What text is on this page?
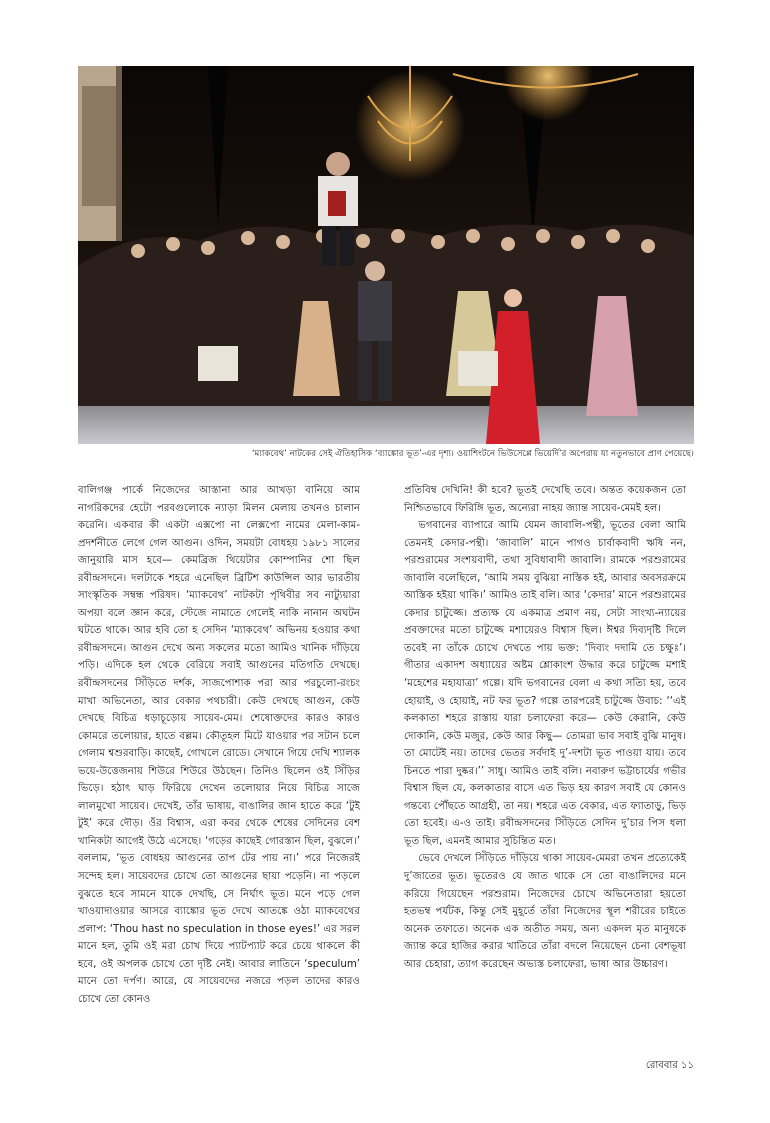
‘ম্যাকবেথ’ নাটকের সেই ঐতিহাসিক ‘ব্যাঙ্কোর ভূত’-এর দৃশ্য। ওয়াশিংটনে ভিউসেপ্পে ভিয়ের্দি’র অপেরায় যা নতুনভাবে প্রাণ পেয়েছে।

বালিগঞ্জ পার্কে নিজেদের আস্তানা আর আখড়া বানিয়ে আম নাগরিকদের হেটো পরবগুলোকে ন্যাড়া মিলন মেলায় তখনও চালান করেনি। একবার কী একটা এক্সপো না লেক্সপো নামের মেলা-কাম-প্রদর্শনীতে লেগে গেল আগুন। ওদিন, সময়টা বোধহয় ১৯৮১ সালের জানুয়ারি মাস হবে— কেমব্রিজ থিয়েটার কোম্পানির শো ছিল রবীন্দ্রসদনে। দলটাকে শহরে এনেছিল ব্রিটিশ কাউন্সিল আর ভারতীয় সাংস্কৃতিক সম্বন্ধ পরিষদ। ‘ম্যাকবেথ’ নাটকটা পৃথিবীর সব নাট্যুয়ারা অপয়া বলে জ্ঞান করে, স্টেজে নামাতে গেলেই নাকি নানান অঘটন ঘটতে থাকে। আর হবি তো হ সেদিন ‘ম্যাকবেথ’ অভিনয় হওয়ার কথা রবীন্দ্রসদনে। আগুন দেখে অন্য সকলের মতো আমিও খানিক দাঁড়িয়ে পড়ি। এদিকে হল থেকে বেরিয়ে সবাই আগুনের মতিগতি দেখছে। রবীন্দ্রসদনের সিঁড়িতে দর্শক, সাজপোশাক পরা আর পরচুলো-রংচং মাখা অভিনেতা, আর বেকার পথচারী। কেউ দেখছে আগুন, কেউ দেখছে বিচিত্র ধড়াচূড়োয় সায়েব-মেম। শেষোক্তদের কারও কারও কোমরে তলোয়ার, হাতে বল্লম। কৌতূহল মিটে যাওয়ার পর সটান চলে গেলাম শ্বশুরবাড়ি। কাছেই, গোখলে রোডে। সেখানে গিয়ে দেখি শ্যালক ভয়ে-উত্তেজনায় শিউরে শিউরে উঠছেন। তিনিও ছিলেন ওই সিঁড়ির ভিড়ে। হঠাৎ ঘাড় ফিরিয়ে দেখেন তলোয়ার নিয়ে বিচিত্র সাজে লালমুখো সায়েব। দেখেই, তাঁর ভাষায়, বাঙালির জান হাতে করে ‘টুই টুই’ করে দৌড়। ওঁর বিশ্বাস, এরা কবর থেকে শেষের সেদিনের বেশ খানিকটা আগেই উঠে এসেছে। ‘গড়ের কাছেই গোরস্তান ছিল, বুঝলে।’ বললাম, ‘ভূত বোধহয় আগুনের তাপ টের পায় না।’ পরে নিজেরই সন্দেহ হল। সায়েবদের চোখে তো আগুনের ছায়া পড়েনি। না পড়লে বুঝতে হবে সামনে যাকে দেখছি, সে নির্ঘাৎ ভূত। মনে পড়ে গেল খাওয়াদাওয়ার আসরে ব্যাঙ্কোর ভূত দেখে আতঙ্কে ওঠা ম্যাকবেথের প্রলাপ: ‘Thou hast no speculation in those eyes!’ এর সরল মানে হল, তুমি ওই মরা চোখ দিয়ে প্যাটপ্যাট করে চেয়ে থাকলে কী হবে, ওই অপলক চোখে তো দৃষ্টি নেই। আবার লাতিনে ‘speculum’ মানে তো দর্পণ। আরে, যে সায়েবদের নজরে পড়ল তাদের কারও চোখে তো কোনও

প্রতিবিম্ব দেখিনি! কী হবে? ভূতই দেখেছি তবে। অন্তত কয়েকজন তো নিশ্চিতভাবে ফিরিঙ্গি ভূত, অন্যেরা নাহয় জ্যান্ত সায়েব-মেমই হল।

ভগবানের ব্যাপারে আমি যেমন জাবালি-পন্থী, ভূতের বেলা আমি তেমনই কেদার-পন্থী। ‘জাবালি’ মানে পাগও চার্বাকবাদী ঋষি নন, পরশুরামের সংশয়বাদী, তথা সুবিধাবাদী জাবালি। রামকে পরশুরামের জাবালি বলেছিলে, ‘আমি সময় বুঝিয়া নাস্তিক হই, আবার অবসরক্রমে আস্তিক হইয়া থাকি।’ আমিও তাই বলি। আর ‘কেদার’ মানে পরশুরামের কেদার চাটুজ্জে। প্রত্যক্ষ যে একমাত্র প্রমাণ নয়, সেটা সাংখ্য-ন্যায়ের প্রবক্তাদের মতো চাটুজ্জে মশায়েরও বিশ্বাস ছিল। ঈশ্বর দিব্যদৃষ্টি দিলে তবেই না তাঁকে চোখে দেখতে পায় ভক্ত: ‘দিব্যং দদামি তে চক্ষুঃ’। গীতার একাদশ অধ্যায়ের অষ্টম শ্লোকাংশ উদ্ধার করে চাটুজ্জে মশাই ‘মহেশের মহাযাত্রা’ গল্পে। যদি ভগবানের বেলা এ কথা সত্যি হয়, তবে হোয়াই, ও হোয়াই, নট ফর ভূত? গল্পে তারপরেই চাটুজ্জে উবাচ: ‘‘এই কলকাতা শহরে রাস্তায় যারা চলাফেরা করে— কেউ কেরানি, কেউ দোকানি, কেউ মজুর, কেউ আর কিছু— তোমরা ভাব সবাই বুঝি মানুষ। তা মোটেই নয়। তাদের ভেতর সর্বদাই দু’-দশটা ভূত পাওয়া যায়। তবে চিনতে পারা দুষ্কর।’’ সাধু। আমিও তাই বলি। নবারুণ ভট্টাচার্যের গভীর বিশ্বাস ছিল যে, কলকাতার বাসে এত ভিড় হয় কারণ সবাই যে কোনও গন্তব্যে পৌঁছতে আগ্রহী, তা নয়। শহরে এত বেকার, এত ফ্যাতাড়ু, ভিড় তো হবেই। এ-ও তাই। রবীন্দ্রসদনের সিঁড়িতে সেদিন দু’চার পিস ধলা ভূত ছিল, এমনই আমার সুচিন্তিত মত।

ভেবে দেখলে সিঁড়িতে দাঁড়িয়ে থাকা সায়েব-মেমরা তখন প্রত্যেকেই দু’জাতের ভূত। ভূতেরও যে জাত থাকে সে তো বাঙালিদের মনে করিয়ে গিয়েছেন পরশুরাম। নিজেদের চোখে অভিনেতারা হয়তো হতভম্ব পর্যটক, কিন্তু সেই মুহূর্তে তাঁরা নিজেদের স্থূল শরীরের চাইতে অনেক তফাতে। অনেক এক অতীত সময়, অন্য একদল মৃত মানুষকে জ্যান্ত করে হাজির করার খাতিরে তাঁরা বদলে নিয়েছেন চেনা বেশভূষা আর চেহারা, ত্যাগ করেছেন অভ্যস্ত চলাফেরা, ভাষা আর উচ্চারণ।

রোববার ১১
